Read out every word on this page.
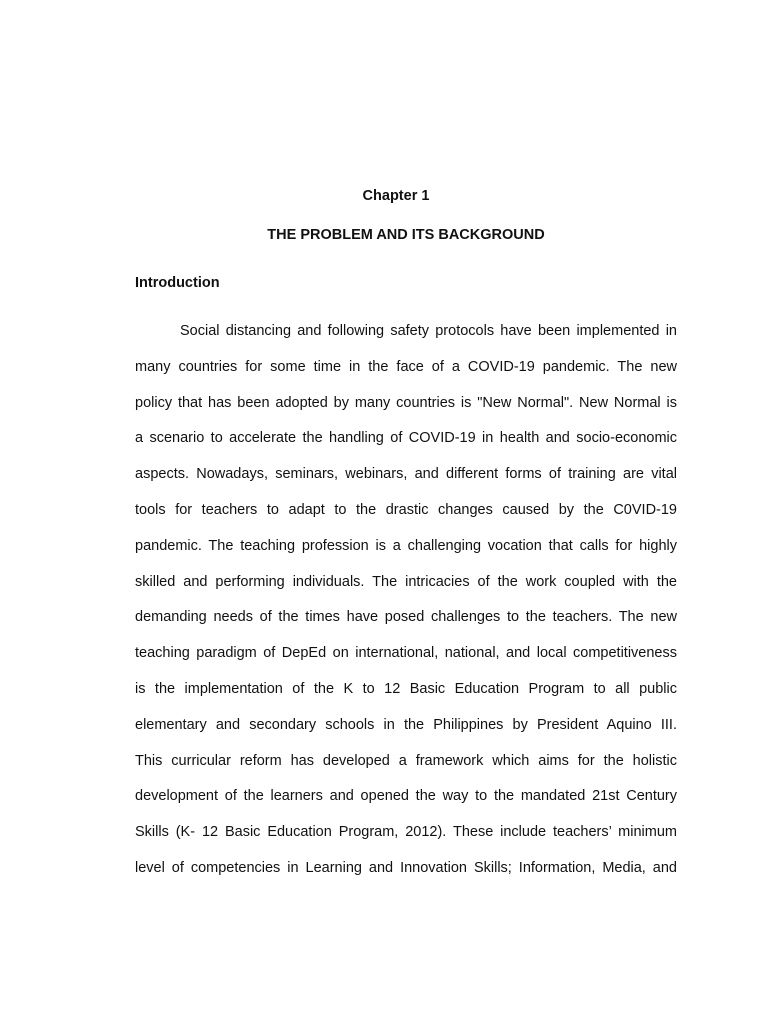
Chapter 1
THE PROBLEM AND ITS BACKGROUND
Introduction
Social distancing and following safety protocols have been implemented in
many countries for some time in the face of a COVID-19 pandemic. The new
policy that has been adopted by many countries is "New Normal". New Normal is
a scenario to accelerate the handling of COVID-19 in health and socio-economic
aspects. Nowadays, seminars, webinars, and different forms of training are vital
tools for teachers to adapt to the drastic changes caused by the C0VID-19
pandemic. The teaching profession is a challenging vocation that calls for highly
skilled and performing individuals. The intricacies of the work coupled with the
demanding needs of the times have posed challenges to the teachers. The new
teaching paradigm of DepEd on international, national, and local competitiveness
is the implementation of the K to 12 Basic Education Program to all public
elementary and secondary schools in the Philippines by President Aquino III.
This curricular reform has developed a framework which aims for the holistic
development of the learners and opened the way to the mandated 21st Century
Skills (K- 12 Basic Education Program, 2012). These include teachers’ minimum
level of competencies in Learning and Innovation Skills; Information, Media, and
